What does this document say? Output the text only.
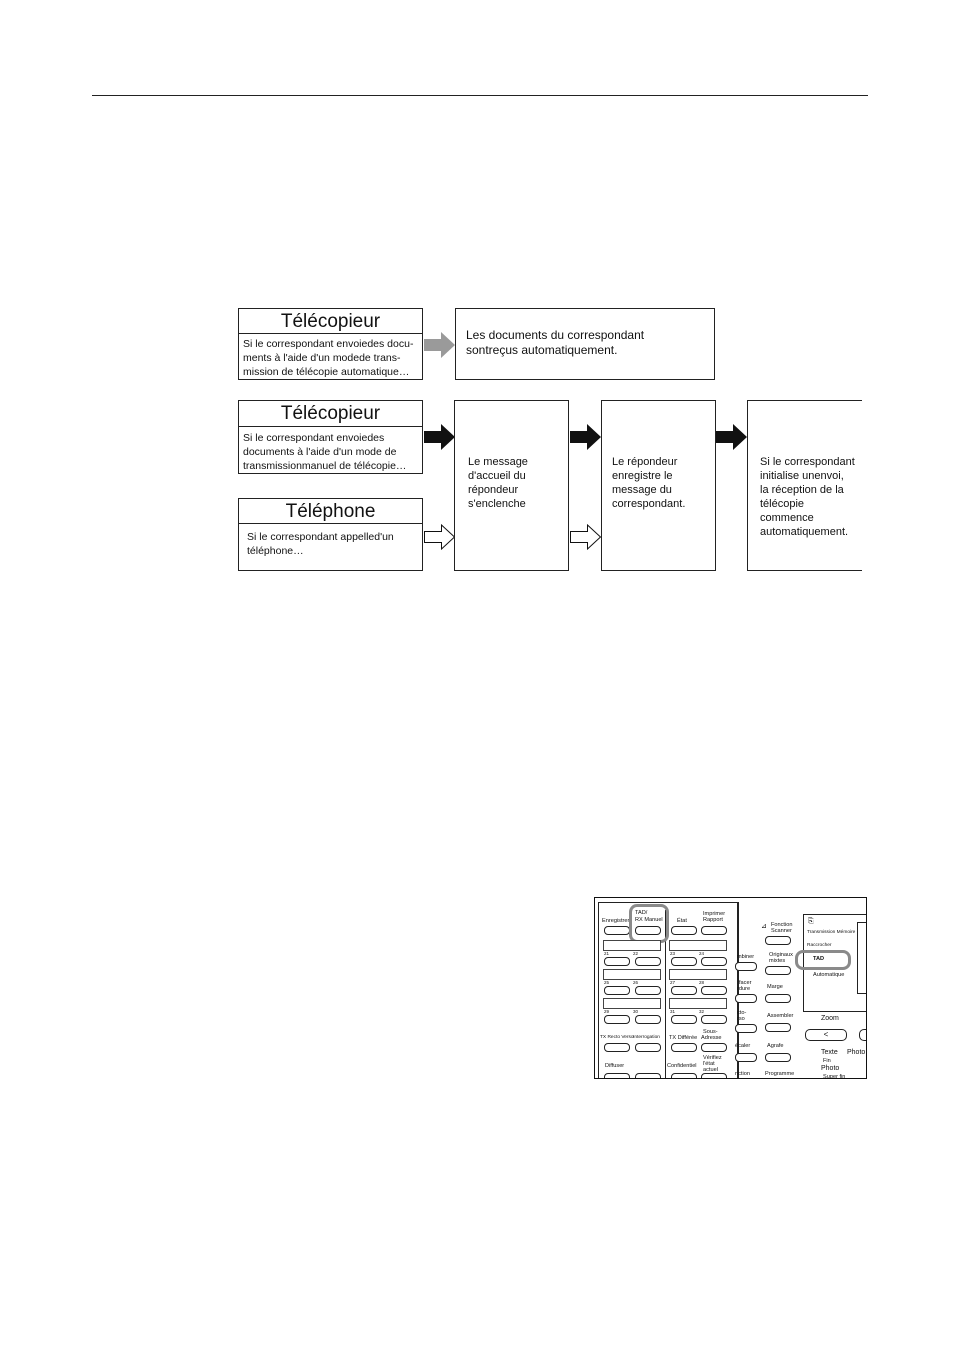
Télécopieur
Si le correspondant envoiedes docu-
ments à l'aide d'un modede trans-
mission de télécopie automatique…
Les documents du correspondant
sontreçus automatiquement.
Télécopieur
Si le correspondant envoiedes
documents à l'aide d'un mode de
transmissionmanuel de télécopie…
Téléphone
Si le correspondant appelled'un
téléphone…
Le message
d'accueil du
répondeur
s'enclenche
Le répondeur
enregistre le
message du
correspondant.
Si le correspondant
initialise unenvoi,
la réception de la
télécopie
commence
automatiquement.
Enregistrer
TAD/
RX Manuel	État
Imprimer
Rapport
21	22	23	24
25	26	27	28
29	30	31	32
TX Recto Verso Interrogation TX Différée
Sous-
Adresse
Diffuser	Confidentiel
Vérifiez
l'état
actuel
mbiner
facer
rdure
cto-
rso
écaler
nction
Fonction
Scanner
⊿
Originaux
mixtes
Marge
Assembler
Agrafe
Programme
⎘
Transmission Mémoire
Raccrocher
TAD
Automatique
Zoom
<
Texte Photo
Fin
Photo
Super fin
